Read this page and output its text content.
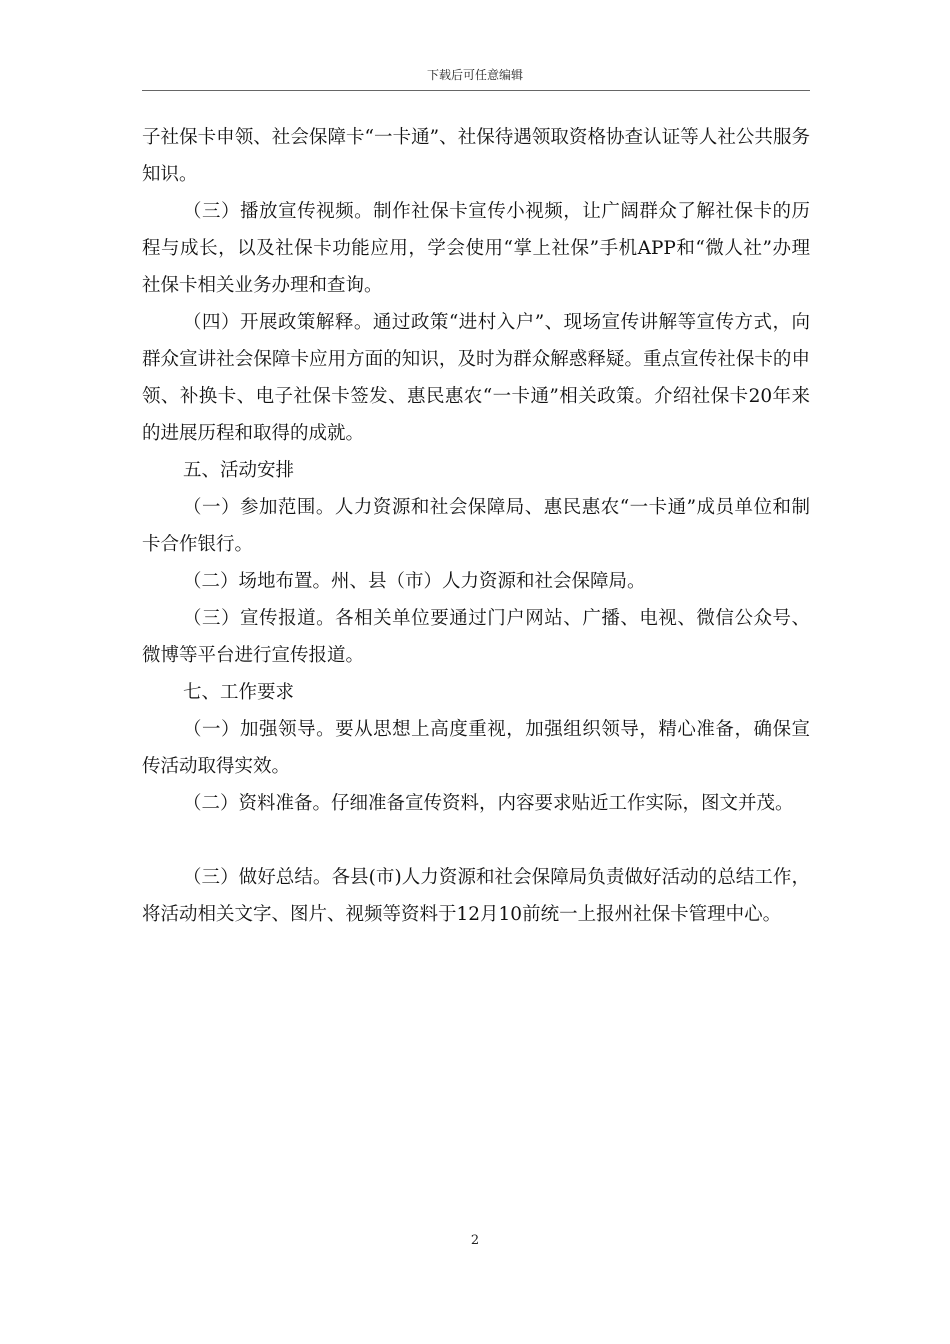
下载后可任意编辑

子社保卡申领、社会保障卡“一卡通”、社保待遇领取资格协查认证等人社公共服务知识。

（三）播放宣传视频。制作社保卡宣传小视频，让广阔群众了解社保卡的历程与成长，以及社保卡功能应用，学会使用“掌上社保”手机APP和“微人社”办理社保卡相关业务办理和查询。

（四）开展政策解释。通过政策“进村入户”、现场宣传讲解等宣传方式，向群众宣讲社会保障卡应用方面的知识，及时为群众解惑释疑。重点宣传社保卡的申领、补换卡、电子社保卡签发、惠民惠农“一卡通”相关政策。介绍社保卡20年来的进展历程和取得的成就。

五、活动安排

（一）参加范围。人力资源和社会保障局、惠民惠农“一卡通”成员单位和制卡合作银行。

（二）场地布置。州、县（市）人力资源和社会保障局。

（三）宣传报道。各相关单位要通过门户网站、广播、电视、微信公众号、微博等平台进行宣传报道。

七、工作要求

（一）加强领导。要从思想上高度重视，加强组织领导，精心准备，确保宣传活动取得实效。

（二）资料准备。仔细准备宣传资料，内容要求贴近工作实际，图文并茂。

（三）做好总结。各县(市)人力资源和社会保障局负责做好活动的总结工作，将活动相关文字、图片、视频等资料于12月10前统一上报州社保卡管理中心。

2
